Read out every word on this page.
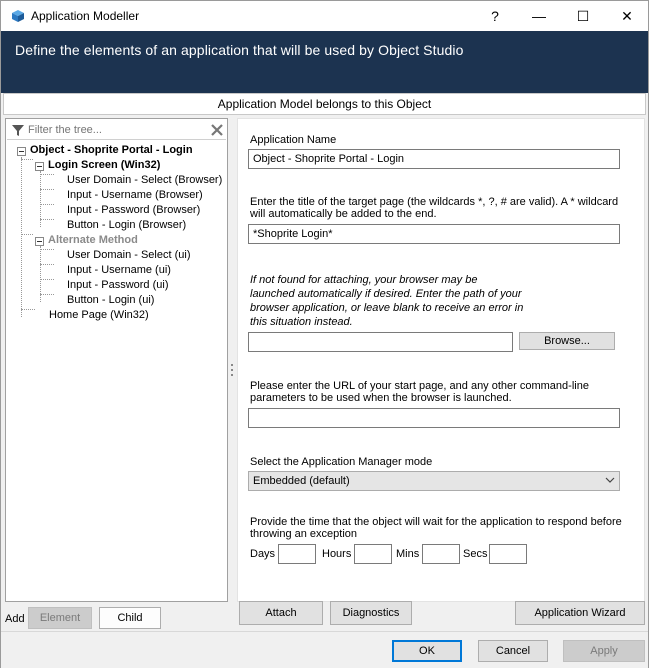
Application Modeller	?	—	☐	✕
Define the elements of an application that will be used by Object Studio
Application Model belongs to this Object
Filter the tree...
Object - Shoprite Portal - Login
Login Screen (Win32)
User Domain - Select (Browser)
Input - Username (Browser)
Input - Password (Browser)
Button - Login (Browser)
Alternate Method
User Domain - Select (ui)
Input - Username (ui)
Input - Password (ui)
Button - Login (ui)
Home Page (Win32)
Add	Element	Child
Application Name
Object - Shoprite Portal - Login
Enter the title of the target page (the wildcards *, ?, # are valid). A * wildcard
will automatically be added to the end.
*Shoprite Login*
If not found for attaching, your browser may be
launched automatically if desired. Enter the path of your
browser application, or leave blank to receive an error in
this situation instead.
Browse...
Please enter the URL of your start page, and any other command-line
parameters to be used when the browser is launched.
Select the Application Manager mode
Embedded (default)
Provide the time that the object will wait for the application to respond before
throwing an exception
Days	Hours	Mins	Secs
Attach	Diagnostics	Application Wizard
OK	Cancel	Apply
